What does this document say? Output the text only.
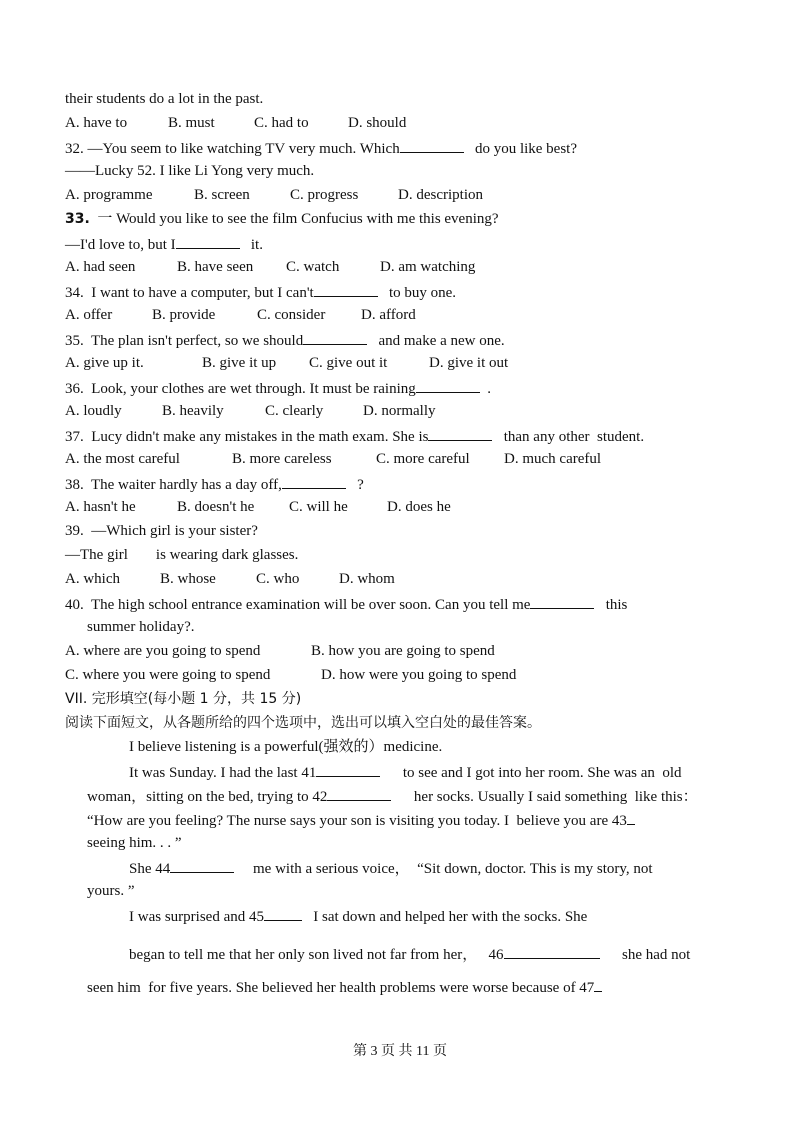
their students do a lot in the past.
A. have to	B. must	C. had to	D. should
32. —You seem to like watching TV very much. Which	do you like best?
——Lucky 52. I like Li Yong very much.
A. programme	B. screen	C. progress	D. description
33. 一 Would you like to see the film Confucius with me this evening?
—I'd love to, but I	it.
A. had seen	B. have seen C. watch	D. am watching
34.  I want to have a computer, but I can't	to buy one.
A. offer	B. provide	C. consider D. afford
35.  The plan isn't perfect, so we should	and make a new one.
A. give up it.	B. give it up C. give out it	D. give it out
36.  Look, your clothes are wet through. It must be raining	.
A. loudly	B. heavily	C. clearly	D. normally
37.  Lucy didn't make any mistakes in the math exam. She is	than any other  student.
A. the most careful	B. more careless	C. more careful D. much careful
38.  The waiter hardly has a day off,	?
A. hasn't he	B. doesn't he C. will he	D. does he
39.  —Which girl is your sister?
—The girl is wearing dark glasses.
A. which	B. whose	C. who	D. whom
40.  The high school entrance examination will be over soon. Can you tell me	this
summer holiday?.
A. where are you going to spend	B. how you are going to spend
C. where you were going to spend	D. how were you going to spend
VII. 完形填空(每小题 1 分，共 15 分)
阅读下面短文，从各题所给的四个选项中，选出可以填入空白处的最佳答案。
I believe listening is a powerful(强效的）medicine.
It was Sunday. I had the last 41	to see and I got into her room. She was an  old
woman，sitting on the bed, trying to 42	her socks. Usually I said something  like this：
“How are you feeling? The nurse says your son is visiting you today. I  believe you are 43
seeing him. . . ”
She 44	me with a serious voice，  “Sit down, doctor. This is my story, not
yours. ”
I was surprised and 45	I sat down and helped her with the socks. She
began to tell me that her only son lived not far from her，   46	she had not
seen him  for five years. She believed her health problems were worse because of 47
第 3 页 共 11 页
